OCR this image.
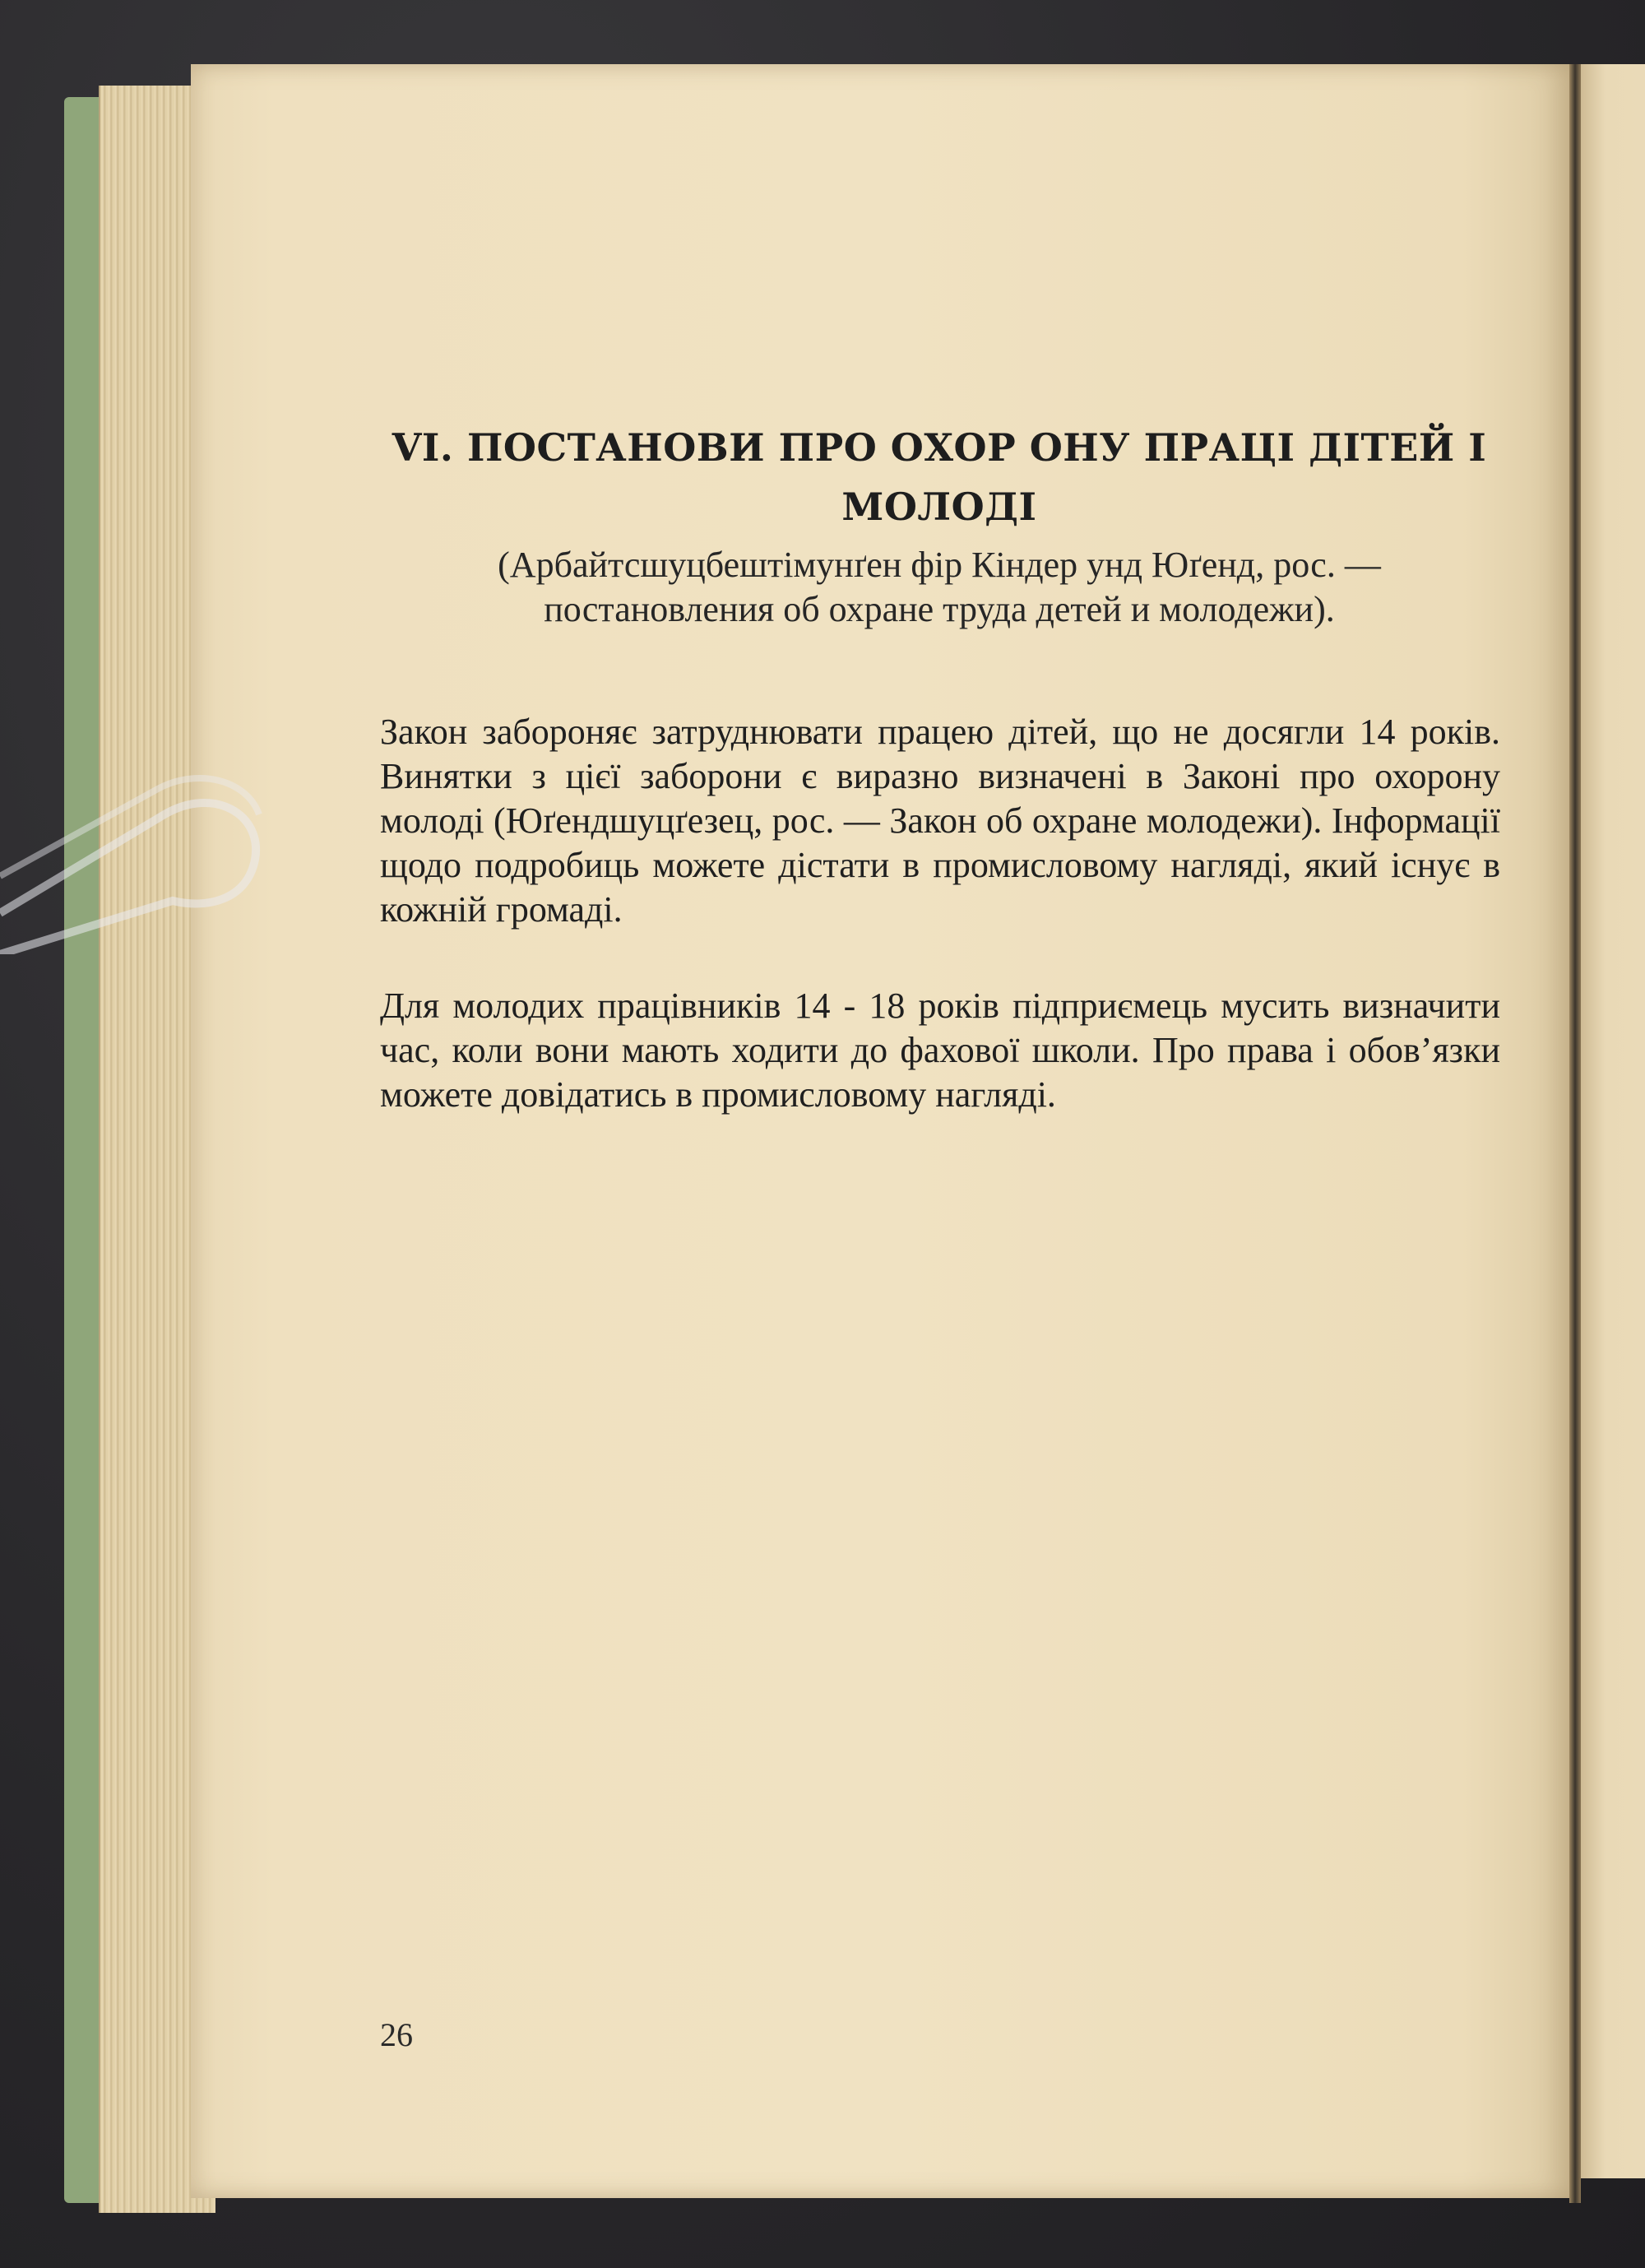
VI. ПОСТАНОВИ ПРО ОХОР ОНУ ПРАЦІ ДІТЕЙ І МОЛОДІ
(Арбайтсшуцбештімунґен фір Кіндер унд Юґенд, рос. — постановления об охране труда детей и молодежи).
Закон забороняє затруднювати працею дітей, що не досягли 14 років. Винятки з цієї заборони є виразно визначені в Законі про охорону молоді (Юґендшуцґезец, рос. — Закон об охране молодежи). Інформації щодо подробиць можете дістати в промисловому нагляді, який існує в кожній громаді.
Для молодих працівників 14 - 18 років підприємець мусить визначити час, коли вони мають ходити до фахової школи. Про права і обов’язки можете довідатись в промисловому нагляді.
26
